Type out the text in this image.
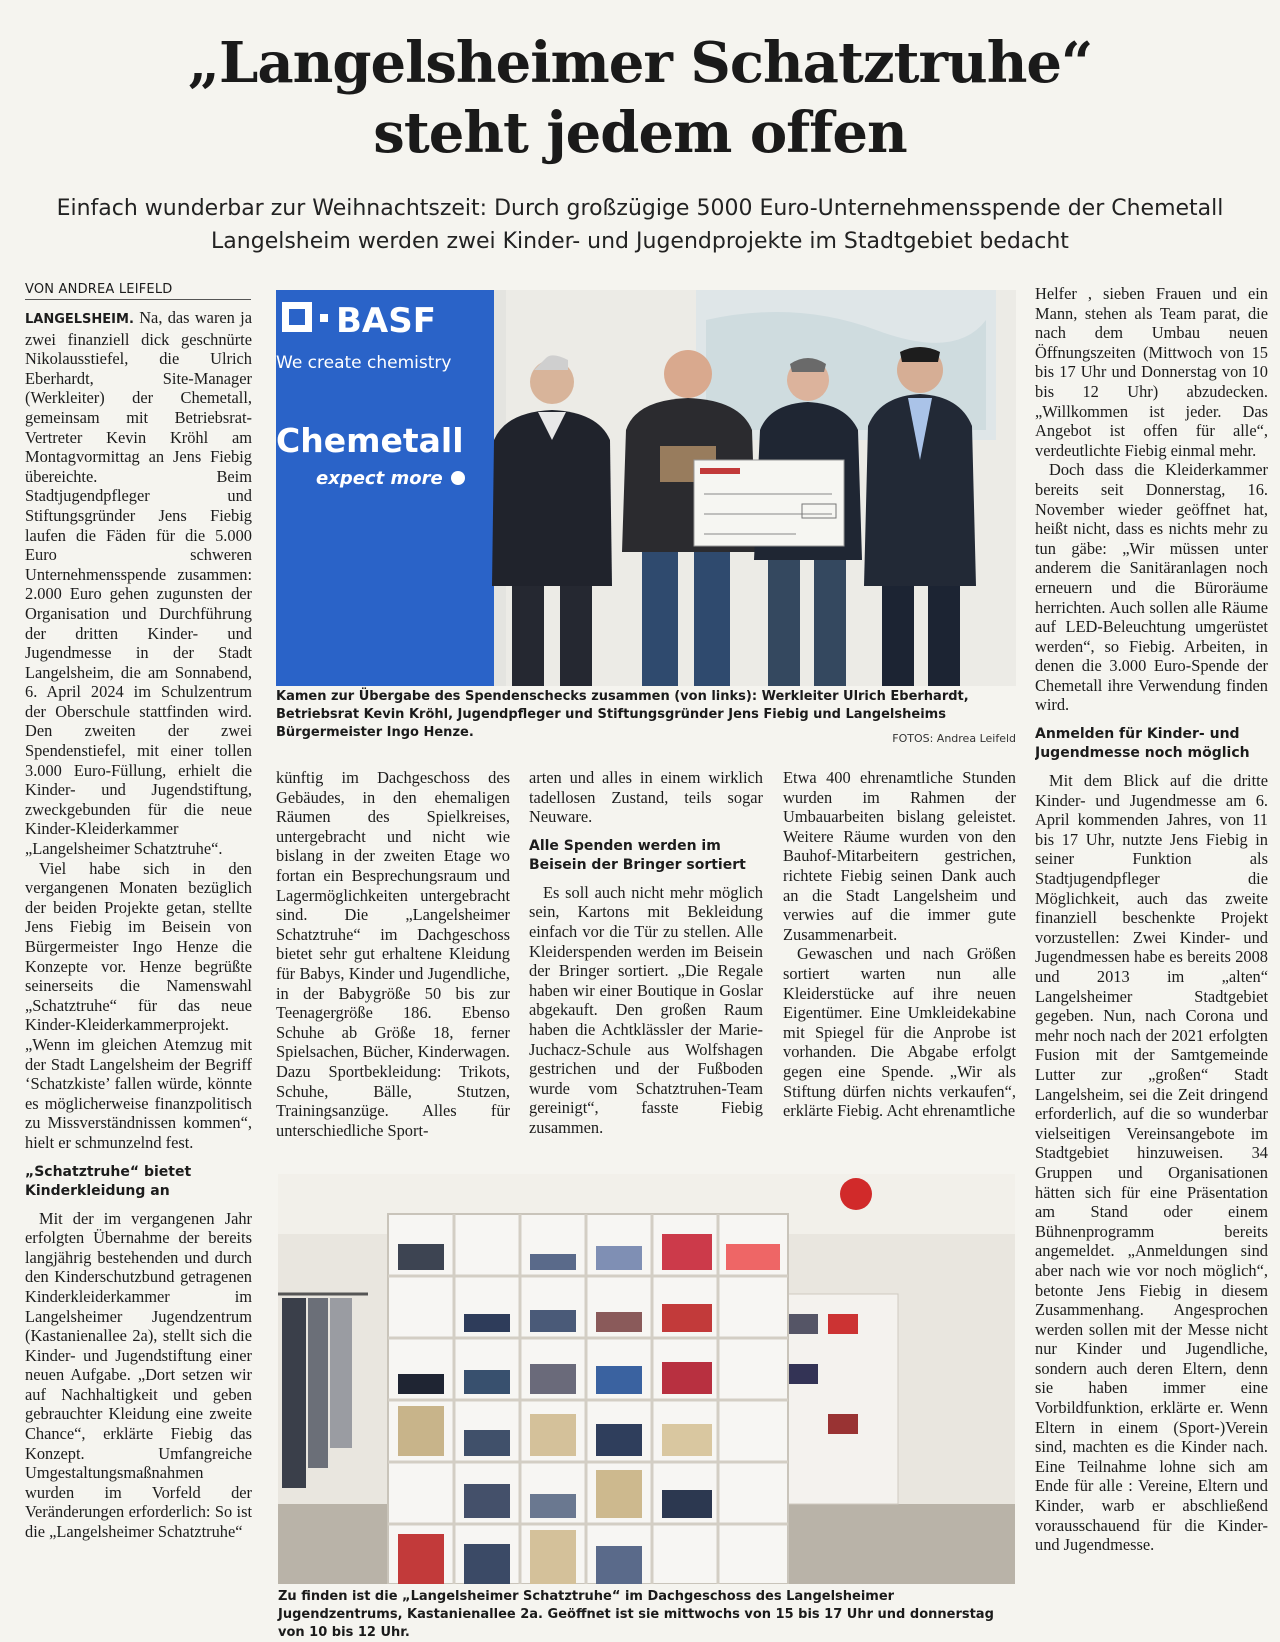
„Langelsheimer Schatztruhe“
steht jedem offen

Einfach wunderbar zur Weihnachtszeit: Durch großzügige 5000 Euro-Unternehmensspende der Chemetall
Langelsheim werden zwei Kinder- und Jugendprojekte im Stadtgebiet bedacht

VON ANDREA LEIFELD

LANGELSHEIM. Na, das waren ja zwei finanziell dick geschnürte Nikolausstiefel, die Ulrich Eberhardt, Site-Manager (Werkleiter) der Chemetall, gemeinsam mit Betriebsrat-Vertreter Kevin Kröhl am Montagvormittag an Jens Fiebig übereichte. Beim Stadtjugendpfleger und Stiftungsgründer Jens Fiebig laufen die Fäden für die 5.000 Euro schweren Unternehmensspende zusammen: 2.000 Euro gehen zugunsten der Organisation und Durchführung der dritten Kinder- und Jugendmesse in der Stadt Langelsheim, die am Sonnabend, 6. April 2024 im Schulzentrum der Oberschule stattfinden wird. Den zweiten der zwei Spendenstiefel, mit einer tollen 3.000 Euro-Füllung, erhielt die Kinder- und Jugendstiftung, zweckgebunden für die neue Kinder-Kleiderkammer „Langelsheimer Schatztruhe“.

Viel habe sich in den vergangenen Monaten bezüglich der beiden Projekte getan, stellte Jens Fiebig im Beisein von Bürgermeister Ingo Henze die Konzepte vor. Henze begrüßte seinerseits die Namenswahl „Schatztruhe“ für das neue Kinder-Kleiderkammerprojekt. „Wenn im gleichen Atemzug mit der Stadt Langelsheim der Begriff ‘Schatzkiste’ fallen würde, könnte es möglicherweise finanzpolitisch zu Missverständnissen kommen“, hielt er schmunzelnd fest.

„Schatztruhe“ bietet Kinderkleidung an

Mit der im vergangenen Jahr erfolgten Übernahme der bereits langjährig bestehenden und durch den Kinderschutzbund getragenen Kinderkleiderkammer im Langelsheimer Jugendzentrum (Kastanienallee 2a), stellt sich die Kinder- und Jugendstiftung einer neuen Aufgabe. „Dort setzen wir auf Nachhaltigkeit und geben gebrauchter Kleidung eine zweite Chance“, erklärte Fiebig das Konzept. Umfangreiche Umgestaltungsmaßnahmen wurden im Vorfeld der Veränderungen erforderlich: So ist die „Langelsheimer Schatztruhe“

BASF
We create chemistry
Chemetall
expect more
Kamen zur Übergabe des Spendenschecks zusammen (von links): Werkleiter Ulrich Eberhardt, Betriebsrat Kevin Kröhl, Jugendpfleger und Stiftungsgründer Jens Fiebig und Langelsheims Bürgermeister Ingo Henze.	FOTOS: Andrea Leifeld

künftig im Dachgeschoss des Gebäudes, in den ehemaligen Räumen des Spielkreises, untergebracht und nicht wie bislang in der zweiten Etage wo fortan ein Besprechungsraum und Lagermöglichkeiten untergebracht sind. Die „Langelsheimer Schatztruhe“ im Dachgeschoss bietet sehr gut erhaltene Kleidung für Babys, Kinder und Jugendliche, in der Babygröße 50 bis zur Teenagergröße 186. Ebenso Schuhe ab Größe 18, ferner Spielsachen, Bücher, Kinderwagen. Dazu Sportbekleidung: Trikots, Schuhe, Bälle, Stutzen, Trainingsanzüge. Alles für unterschiedliche Sport-

arten und alles in einem wirklich tadellosen Zustand, teils sogar Neuware.

Alle Spenden werden im Beisein der Bringer sortiert

Es soll auch nicht mehr möglich sein, Kartons mit Bekleidung einfach vor die Tür zu stellen. Alle Kleiderspenden werden im Beisein der Bringer sortiert. „Die Regale haben wir einer Boutique in Goslar abgekauft. Den großen Raum haben die Achtklässler der Marie-Juchacz-Schule aus Wolfshagen gestrichen und der Fußboden wurde vom Schatztruhen-Team gereinigt“, fasste Fiebig zusammen.

Etwa 400 ehrenamtliche Stunden wurden im Rahmen der Umbauarbeiten bislang geleistet. Weitere Räume wurden von den Bauhof-Mitarbeitern gestrichen, richtete Fiebig seinen Dank auch an die Stadt Langelsheim und verwies auf die immer gute Zusammenarbeit.

Gewaschen und nach Größen sortiert warten nun alle Kleiderstücke auf ihre neuen Eigentümer. Eine Umkleidekabine mit Spiegel für die Anprobe ist vorhanden. Die Abgabe erfolgt gegen eine Spende. „Wir als Stiftung dürfen nichts verkaufen“, erklärte Fiebig. Acht ehrenamtliche

Zu finden ist die „Langelsheimer Schatztruhe“ im Dachgeschoss des Langelsheimer Jugendzentrums, Kastanienallee 2a. Geöffnet ist sie mittwochs von 15 bis 17 Uhr und donnerstag von 10 bis 12 Uhr.

Helfer , sieben Frauen und ein Mann, stehen als Team parat, die nach dem Umbau neuen Öffnungszeiten (Mittwoch von 15 bis 17 Uhr und Donnerstag von 10 bis 12 Uhr) abzudecken. „Willkommen ist jeder. Das Angebot ist offen für alle“, verdeutlichte Fiebig einmal mehr.

Doch dass die Kleiderkammer bereits seit Donnerstag, 16. November wieder geöffnet hat, heißt nicht, dass es nichts mehr zu tun gäbe: „Wir müssen unter anderem die Sanitäranlagen noch erneuern und die Büroräume herrichten. Auch sollen alle Räume auf LED-Beleuchtung umgerüstet werden“, so Fiebig. Arbeiten, in denen die 3.000 Euro-Spende der Chemetall ihre Verwendung finden wird.

Anmelden für Kinder- und Jugendmesse noch möglich

Mit dem Blick auf die dritte Kinder- und Jugendmesse am 6. April kommenden Jahres, von 11 bis 17 Uhr, nutzte Jens Fiebig in seiner Funktion als Stadtjugendpfleger die Möglichkeit, auch das zweite finanziell beschenkte Projekt vorzustellen: Zwei Kinder- und Jugendmessen habe es bereits 2008 und 2013 im „alten“ Langelsheimer Stadtgebiet gegeben. Nun, nach Corona und mehr noch nach der 2021 erfolgten Fusion mit der Samtgemeinde Lutter zur „großen“ Stadt Langelsheim, sei die Zeit dringend erforderlich, auf die so wunderbar vielseitigen Vereinsangebote im Stadtgebiet hinzuweisen. 34 Gruppen und Organisationen hätten sich für eine Präsentation am Stand oder einem Bühnenprogramm bereits angemeldet. „Anmeldungen sind aber nach wie vor noch möglich“, betonte Jens Fiebig in diesem Zusammenhang. Angesprochen werden sollen mit der Messe nicht nur Kinder und Jugendliche, sondern auch deren Eltern, denn sie haben immer eine Vorbildfunktion, erklärte er. Wenn Eltern in einem (Sport-)Verein sind, machten es die Kinder nach. Eine Teilnahme lohne sich am Ende für alle : Vereine, Eltern und Kinder, warb er abschließend vorausschauend für die Kinder- und Jugendmesse.
